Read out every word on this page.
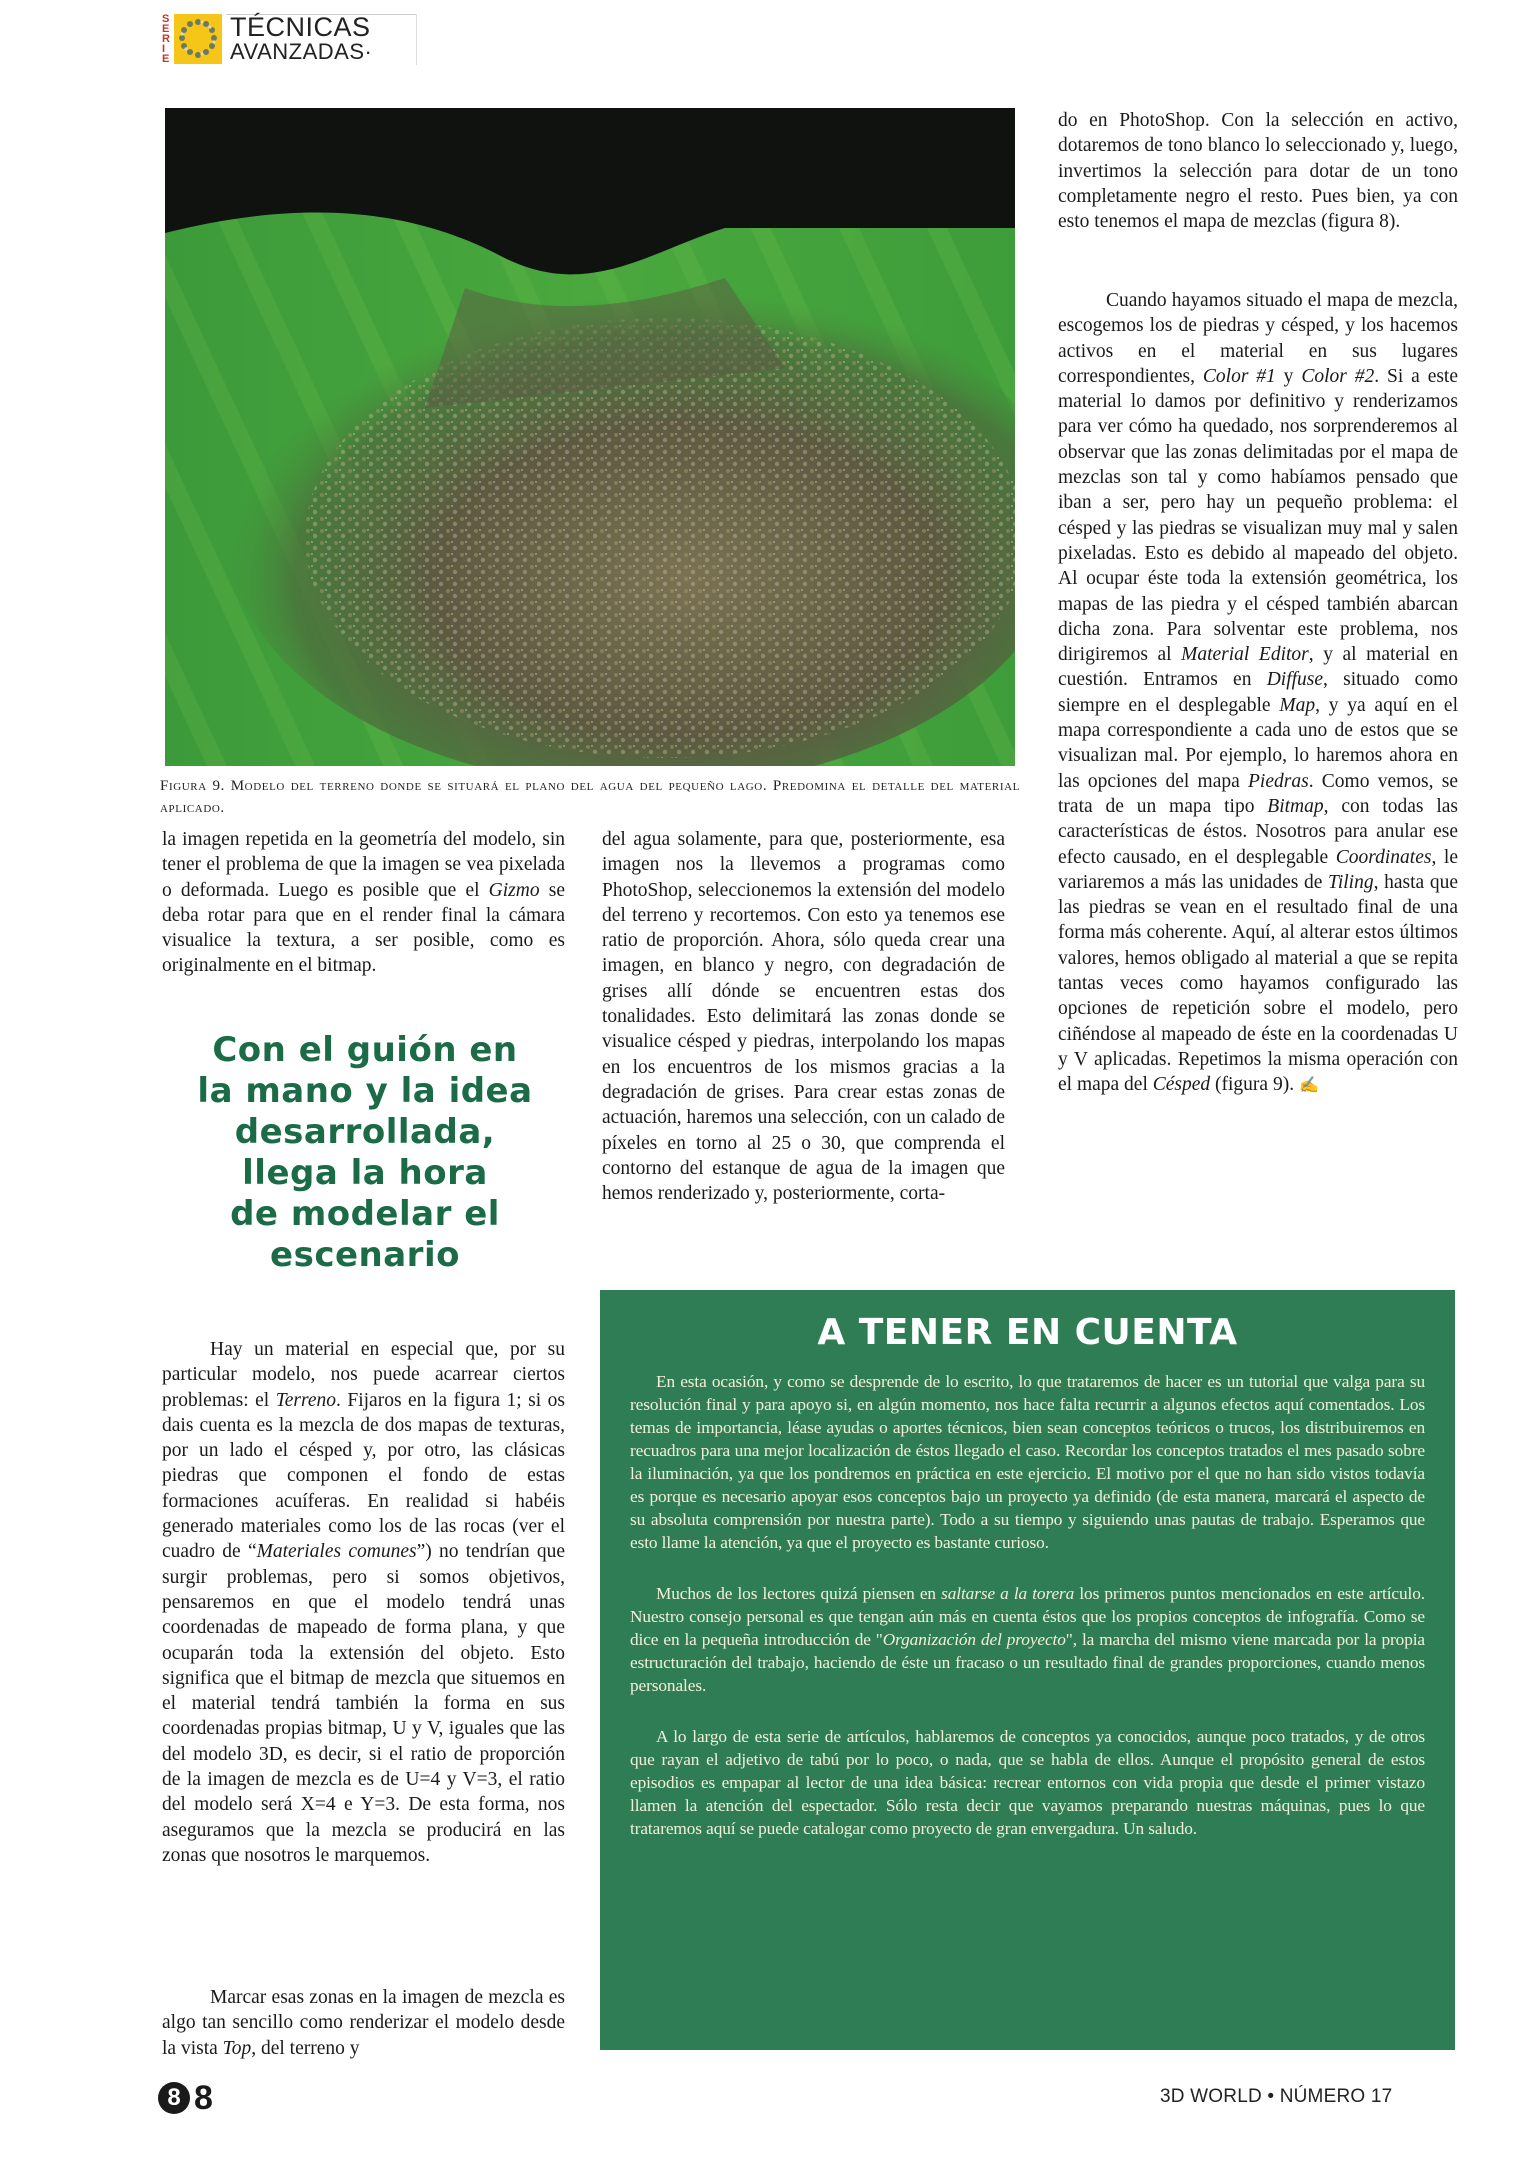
S
E
R
I
E
TÉCNICAS
AVANZADAS·
Figura 9. Modelo del terreno donde se situará el plano del agua del pequeño lago. Predomina el detalle del material aplicado.

do en PhotoShop. Con la selección en activo, dotaremos de tono blanco lo seleccionado y, luego, invertimos la selección para dotar de un tono completamente negro el resto. Pues bien, ya con esto tenemos el mapa de mezclas (figura 8).

Cuando hayamos situado el mapa de mezcla, escogemos los de piedras y césped, y los hacemos activos en el material en sus lugares correspondientes, Color #1 y Color #2. Si a este material lo damos por definitivo y renderizamos para ver cómo ha quedado, nos sorprenderemos al observar que las zonas delimitadas por el mapa de mezclas son tal y como habíamos pensado que iban a ser, pero hay un pequeño problema: el césped y las piedras se visualizan muy mal y salen pixeladas. Esto es debido al mapeado del objeto. Al ocupar éste toda la extensión geométrica, los mapas de las piedra y el césped también abarcan dicha zona. Para solventar este problema, nos dirigiremos al Material Editor, y al material en cuestión. Entramos en Diffuse, situado como siempre en el desplegable Map, y ya aquí en el mapa correspondiente a cada uno de estos que se visualizan mal. Por ejemplo, lo haremos ahora en las opciones del mapa Piedras. Como vemos, se trata de un mapa tipo Bitmap, con todas las características de éstos. Nosotros para anular ese efecto causado, en el desplegable Coordinates, le variaremos a más las unidades de Tiling, hasta que las piedras se vean en el resultado final de una forma más coherente. Aquí, al alterar estos últimos valores, hemos obligado al material a que se repita tantas veces como hayamos configurado las opciones de repetición sobre el modelo, pero ciñéndose al mapeado de éste en la coordenadas U y V aplicadas. Repetimos la misma operación con el mapa del Césped (figura 9). ✍

la imagen repetida en la geometría del modelo, sin tener el problema de que la imagen se vea pixelada o deformada. Luego es posible que el Gizmo se deba rotar para que en el render final la cámara visualice la textura, a ser posible, como es originalmente en el bitmap.

del agua solamente, para que, posteriormente, esa imagen nos la llevemos a programas como PhotoShop, seleccionemos la extensión del modelo del terreno y recortemos. Con esto ya tenemos ese ratio de proporción. Ahora, sólo queda crear una imagen, en blanco y negro, con degradación de grises allí dónde se encuentren estas dos tonalidades. Esto delimitará las zonas donde se visualice césped y piedras, interpolando los mapas en los encuentros de los mismos gracias a la degradación de grises. Para crear estas zonas de actuación, haremos una selección, con un calado de píxeles en torno al 25 o 30, que comprenda el contorno del estanque de agua de la imagen que hemos renderizado y, posteriormente, corta-

Con el guión en
la mano y la idea
desarrollada,
llega la hora
de modelar el
escenario

Hay un material en especial que, por su particular modelo, nos puede acarrear ciertos problemas: el Terreno. Fijaros en la figura 1; si os dais cuenta es la mezcla de dos mapas de texturas, por un lado el césped y, por otro, las clásicas piedras que componen el fondo de estas formaciones acuíferas. En realidad si habéis generado materiales como los de las rocas (ver el cuadro de “Materiales comunes”) no tendrían que surgir problemas, pero si somos objetivos, pensaremos en que el modelo tendrá unas coordenadas de mapeado de forma plana, y que ocuparán toda la extensión del objeto. Esto significa que el bitmap de mezcla que situemos en el material tendrá también la forma en sus coordenadas propias bitmap, U y V, iguales que las del modelo 3D, es decir, si el ratio de proporción de la imagen de mezcla es de U=4 y V=3, el ratio del modelo será X=4 e Y=3. De esta forma, nos aseguramos que la mezcla se producirá en las zonas que nosotros le marquemos.

Marcar esas zonas en la imagen de mezcla es algo tan sencillo como renderizar el modelo desde la vista Top, del terreno y

A TENER EN CUENTA

En esta ocasión, y como se desprende de lo escrito, lo que trataremos de hacer es un tutorial que valga para su resolución final y para apoyo si, en algún momento, nos hace falta recurrir a algunos efectos aquí comentados. Los temas de importancia, léase ayudas o aportes técnicos, bien sean conceptos teóricos o trucos, los distribuiremos en recuadros para una mejor localización de éstos llegado el caso. Recordar los conceptos tratados el mes pasado sobre la iluminación, ya que los pondremos en práctica en este ejercicio. El motivo por el que no han sido vistos todavía es porque es necesario apoyar esos conceptos bajo un proyecto ya definido (de esta manera, marcará el aspecto de su absoluta comprensión por nuestra parte). Todo a su tiempo y siguiendo unas pautas de trabajo. Esperamos que esto llame la atención, ya que el proyecto es bastante curioso.

Muchos de los lectores quizá piensen en saltarse a la torera los primeros puntos mencionados en este artículo. Nuestro consejo personal es que tengan aún más en cuenta éstos que los propios conceptos de infografía. Como se dice en la pequeña introducción de "Organización del proyecto", la marcha del mismo viene marcada por la propia estructuración del trabajo, haciendo de éste un fracaso o un resultado final de grandes proporciones, cuando menos personales.

A lo largo de esta serie de artículos, hablaremos de conceptos ya conocidos, aunque poco tratados, y de otros que rayan el adjetivo de tabú por lo poco, o nada, que se habla de ellos. Aunque el propósito general de estos episodios es empapar al lector de una idea básica: recrear entornos con vida propia que desde el primer vistazo llamen la atención del espectador. Sólo resta decir que vayamos preparando nuestras máquinas, pues lo que trataremos aquí se puede catalogar como proyecto de gran envergadura. Un saludo.

8 8	3D WORLD • NÚMERO 17
